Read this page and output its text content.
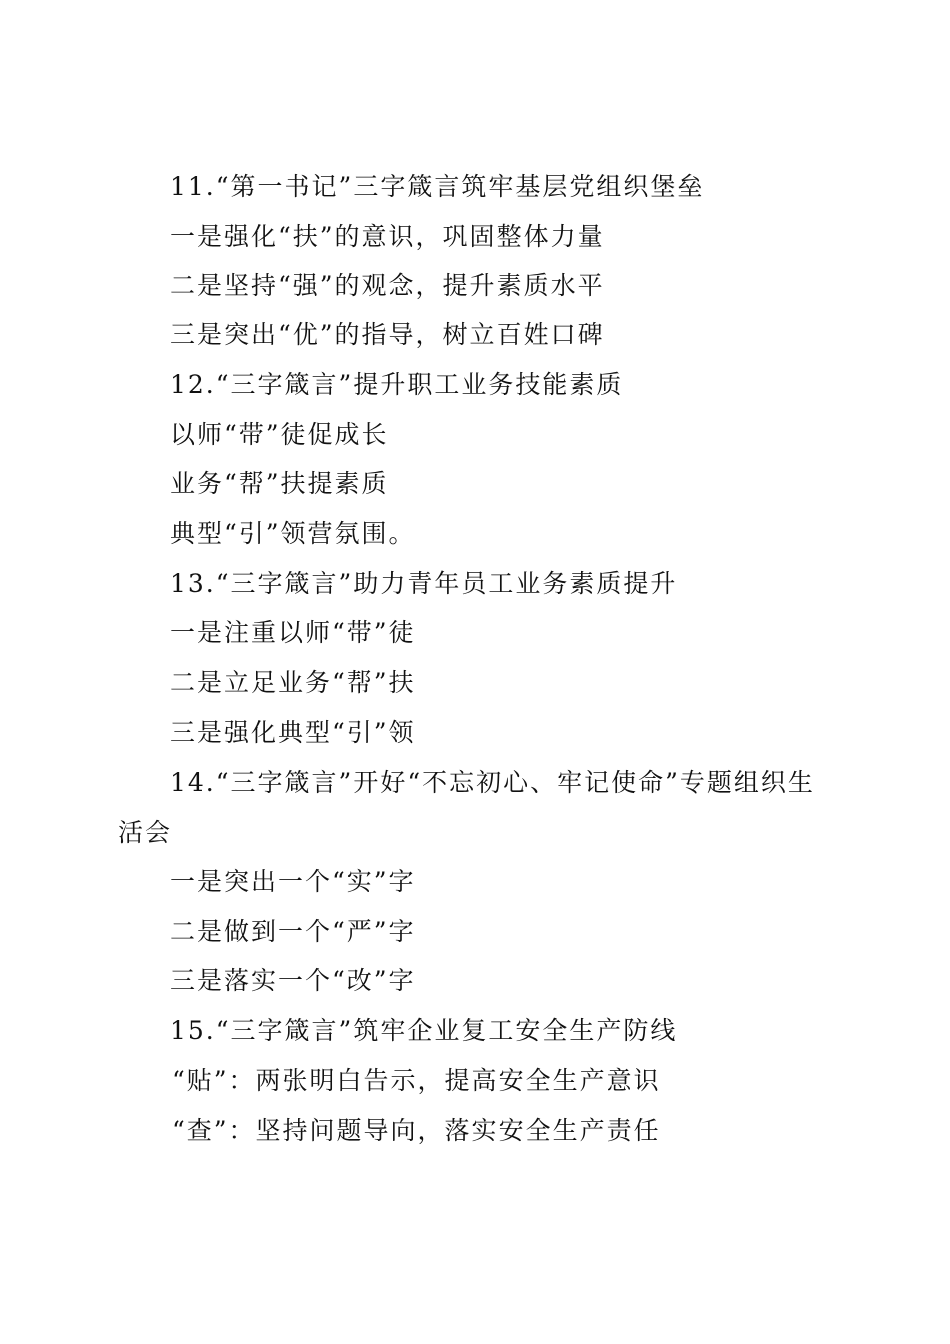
11.“第一书记”三字箴言筑牢基层党组织堡垒
一是强化“扶”的意识，巩固整体力量
二是坚持“强”的观念，提升素质水平
三是突出“优”的指导，树立百姓口碑
12.“三字箴言”提升职工业务技能素质
以师“带”徒促成长
业务“帮”扶提素质
典型“引”领营氛围。
13.“三字箴言”助力青年员工业务素质提升
一是注重以师“带”徒
二是立足业务“帮”扶
三是强化典型“引”领
14.“三字箴言”开好“不忘初心、牢记使命”专题组织生
活会
一是突出一个“实”字
二是做到一个“严”字
三是落实一个“改”字
15.“三字箴言”筑牢企业复工安全生产防线
“贴”：两张明白告示，提高安全生产意识
“查”：坚持问题导向，落实安全生产责任
